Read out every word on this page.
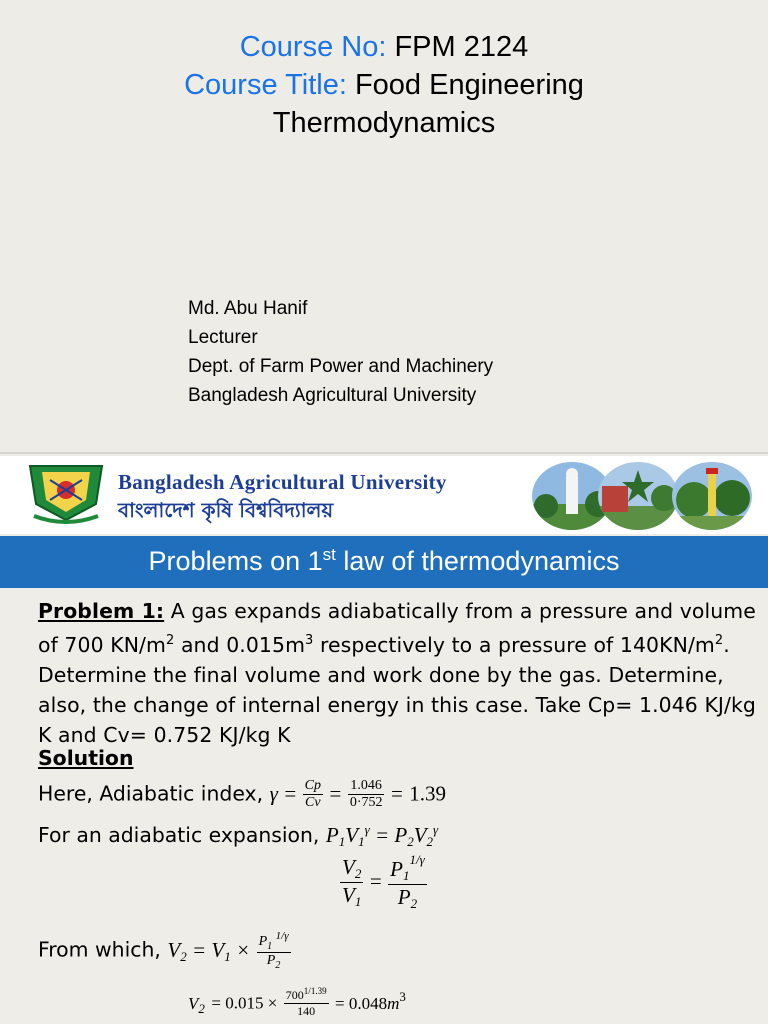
Course No: FPM 2124
Course Title: Food Engineering
Thermodynamics
Md. Abu Hanif
Lecturer
Dept. of Farm Power and Machinery
Bangladesh Agricultural University
Bangladesh Agricultural University
বাংলাদেশ কৃষি বিশ্ববিদ্যালয়
Problems on 1st law of thermodynamics
Problem 1: A gas expands adiabatically from a pressure and volume of 700 $KN/m^2$ and $0.015m^3$ respectively to a pressure of $140KN/m^2$. Determine the final volume and work done by the gas. Determine, also, the change of internal energy in this case. Take Cp= 1.046 KJ/kg K and Cv= 0.752 KJ/kg K
Solution
Here, Adiabatic index, $\gamma = \frac{Cp}{Cv} = \frac{1.046}{0\cdot 752} = 1.39$
For an adiabatic expansion, $P1V1^\gamma = P2V2^\gamma$
$\frac{V2}{V1} = \frac{P1^{1/\gamma}}{P2}$
From which, $V2 = V1 \times \frac{P_1 ^{1/\gamma}}{P_2}$
$V_2 = 0.015 \times \frac{700^{1/1.39}}{140} = 0.048m^3$
